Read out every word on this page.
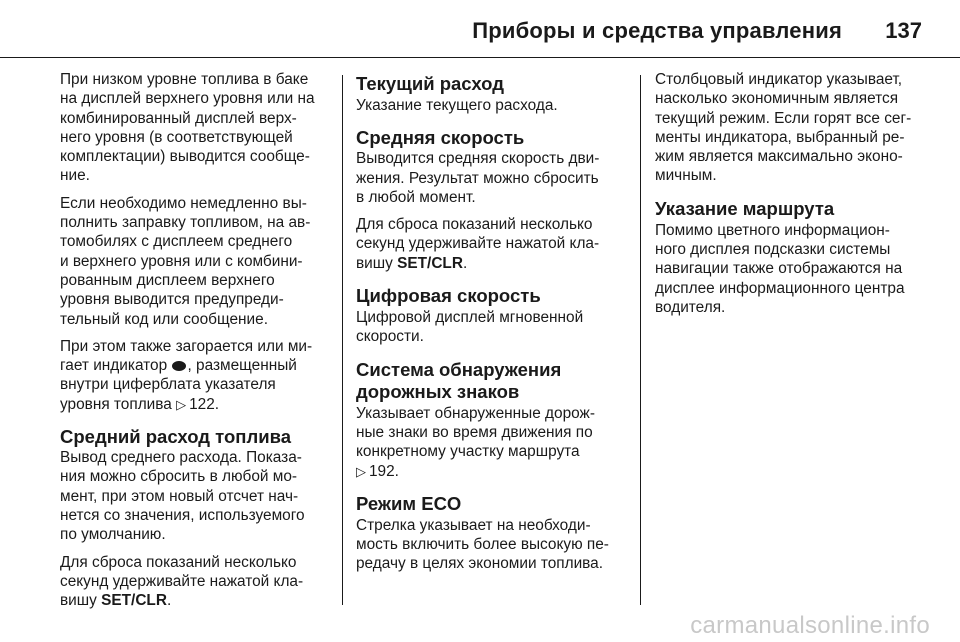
Приборы и средства управления 137
При низком уровне топлива в баке
на дисплей верхнего уровня или на
комбинированный дисплей верх-
него уровня (в соответствующей
комплектации) выводится сообще-
ние.
Если необходимо немедленно вы-
полнить заправку топливом, на ав-
томобилях с дисплеем среднего
и верхнего уровня или с комбини-
рованным дисплеем верхнего
уровня выводится предупреди-
тельный код или сообщение.
При этом также загорается или ми-
гает индикатор , размещенный
внутри циферблата указателя
уровня топлива ▷ 122.
Средний расход топлива
Вывод среднего расхода. Показа-
ния можно сбросить в любой мо-
мент, при этом новый отсчет нач-
нется со значения, используемого
по умолчанию.
Для сброса показаний несколько
секунд удерживайте нажатой кла-
вишу SET/CLR.
Текущий расход
Указание текущего расхода.
Средняя скорость
Выводится средняя скорость дви-
жения. Результат можно сбросить
в любой момент.
Для сброса показаний несколько
секунд удерживайте нажатой кла-
вишу SET/CLR.
Цифровая скорость
Цифровой дисплей мгновенной
скорости.
Система обнаружения
дорожных знаков
Указывает обнаруженные дорож-
ные знаки во время движения по
конкретному участку маршрута
▷ 192.
Режим ECO
Стрелка указывает на необходи-
мость включить более высокую пе-
редачу в целях экономии топлива.
Столбцовый индикатор указывает,
насколько экономичным является
текущий режим. Если горят все сег-
менты индикатора, выбранный ре-
жим является максимально эконо-
мичным.
Указание маршрута
Помимо цветного информацион-
ного дисплея подсказки системы
навигации также отображаются на
дисплее информационного центра
водителя.
carmanualsonline.info
